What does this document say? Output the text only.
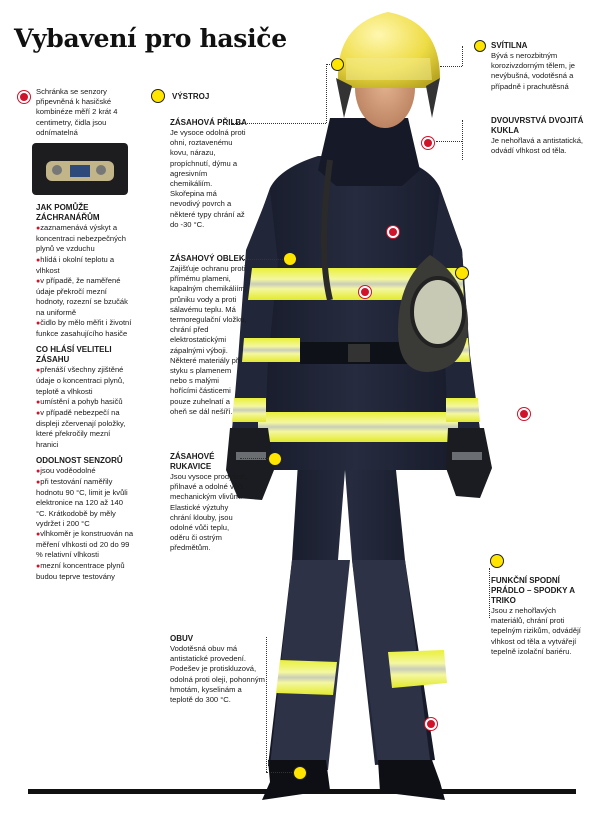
Vybavení pro hasiče
Schránka se senzory připevněná k hasičské kombinéze měří 2 krát 4 centimetry, čidla jsou odnímatelná
JAK POMŮŽE ZÁCHRANÁŘŮM
● zaznamenává výskyt a koncentraci nebezpečných plynů ve vzduchu
● hlídá i okolní teplotu a vlhkost
● v případě, že naměřené údaje překročí mezní hodnoty, rozezní se bzučák na uniformě
● čidlo by mělo měřit i životní funkce zasahujícího hasiče
CO HLÁSÍ VELITELI ZÁSAHU
● přenáší všechny zjištěné údaje o koncentraci plynů, teplotě a vlhkosti
● umístění a pohyb hasičů
● v případě nebezpečí na displeji zčervenají položky, které překročily mezní hranici
ODOLNOST SENZORŮ
● jsou voděodolné
● při testování naměřily hodnotu 90 °C, limit je kvůli elektronice na 120 až 140 °C. Krátkodobě by měly vydržet i 200 °C
● vlhkoměr je konstruován na měření vlhkosti od 20 do 99 % relativní vlhkosti
● mezní koncentrace plynů budou teprve testovány
VÝSTROJ
ZÁSAHOVÁ PŘILBA
Je vysoce odolná proti ohni, roztavenému kovu, nárazu, propíchnutí, dýmu a agresivním chemikáliím. Skořepina má nevodivý povrch a některé typy chrání až do -30 °C.
ZÁSAHOVÝ OBLEK
Zajišťuje ochranu proti přímému plameni, kapalným chemikáliím, průniku vody a proti sálavému teplu. Má termoregulační vložku, chrání před elektrostatickými zápalnými výboji. Některé materiály při styku s plamenem nebo s malými hořícími částicemi pouze zuhelnatí a oheň se dál nešíří.
ZÁSAHOVÉ RUKAVICE
Jsou vysoce prodyšné, přilnavé a odolné vůči mechanickým vlivům. Elastické výztuhy chrání klouby, jsou odolné vůči teplu, oděru či ostrým předmětům.
OBUV
Vodotěsná obuv má antistatické provedení. Podešev je protiskluzová, odolná proti oleji, pohonným hmotám, kyselinám a teplotě do 300 °C.
SVÍTILNA
Bývá s nerozbitným korozivzdorným tělem, je nevýbušná, vodotěsná a případně i prachutěsná
DVOUVRSTVÁ DVOJITÁ KUKLA
Je nehořlavá a antistatická, odvádí vlhkost od těla.
FUNKČNÍ SPODNÍ PRÁDLO – SPODKY A TRIKO
Jsou z nehořlavých materiálů, chrání proti tepelným rizikům, odvádějí vlhkost od těla a vytvářejí tepelně izolační bariéru.
